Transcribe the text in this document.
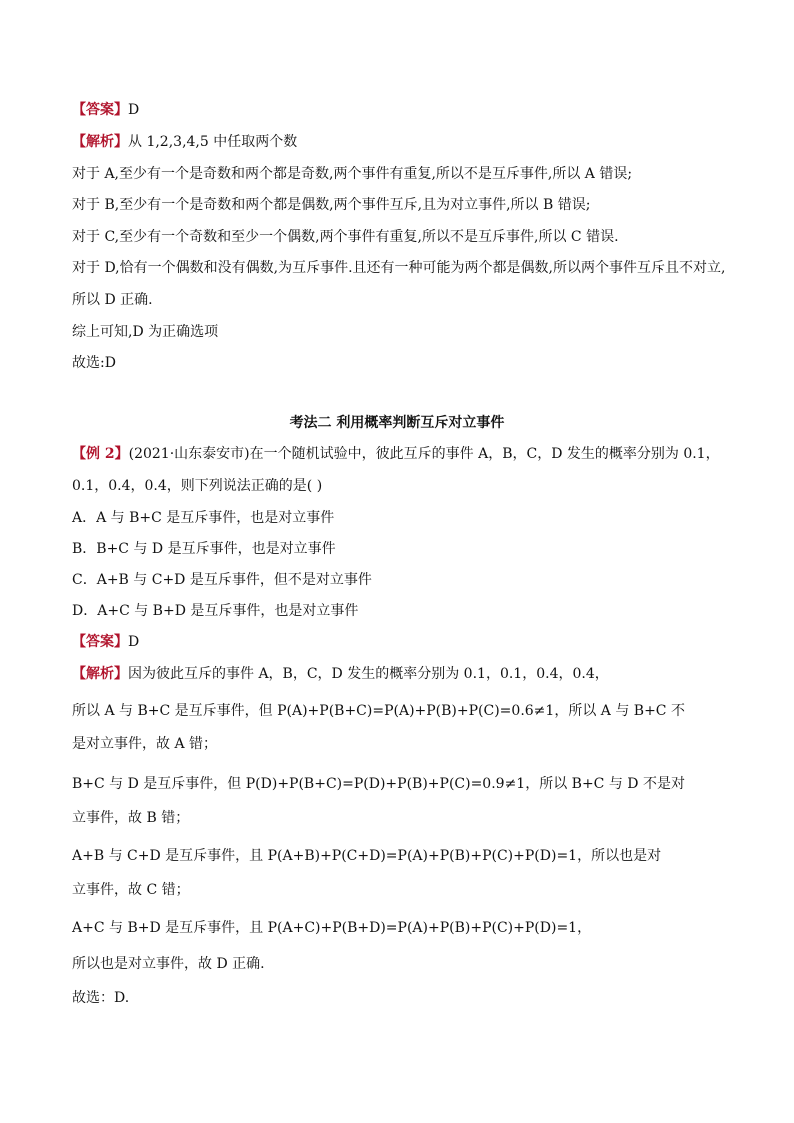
【答案】D
【解析】从 1,2,3,4,5 中任取两个数
对于 A,至少有一个是奇数和两个都是奇数,两个事件有重复,所以不是互斥事件,所以 A 错误;
对于 B,至少有一个是奇数和两个都是偶数,两个事件互斥,且为对立事件,所以 B 错误;
对于 C,至少有一个奇数和至少一个偶数,两个事件有重复,所以不是互斥事件,所以 C 错误.
对于 D,恰有一个偶数和没有偶数,为互斥事件.且还有一种可能为两个都是偶数,所以两个事件互斥且不对立,
所以 D 正确.
综上可知,D 为正确选项
故选:D
考法二 利用概率判断互斥对立事件
【例 2】(2021·山东泰安市)在一个随机试验中，彼此互斥的事件 A，B，C，D 发生的概率分别为 0.1，
0.1，0.4，0.4，则下列说法正确的是( )
A．A 与 B+C 是互斥事件，也是对立事件
B．B+C 与 D 是互斥事件，也是对立事件
C．A+B 与 C+D 是互斥事件，但不是对立事件
D．A+C 与 B+D 是互斥事件，也是对立事件
【答案】D
【解析】因为彼此互斥的事件 A，B，C，D 发生的概率分别为 0.1，0.1，0.4，0.4，
所以 A 与 B+C 是互斥事件，但 P(A)+P(B+C)=P(A)+P(B)+P(C)=0.6≠1，所以 A 与 B+C 不
是对立事件，故 A 错；
B+C 与 D 是互斥事件，但 P(D)+P(B+C)=P(D)+P(B)+P(C)=0.9≠1，所以 B+C 与 D 不是对
立事件，故 B 错；
A+B 与 C+D 是互斥事件，且 P(A+B)+P(C+D)=P(A)+P(B)+P(C)+P(D)=1，所以也是对
立事件，故 C 错；
A+C 与 B+D 是互斥事件，且 P(A+C)+P(B+D)=P(A)+P(B)+P(C)+P(D)=1，
所以也是对立事件，故 D 正确.
故选：D.
